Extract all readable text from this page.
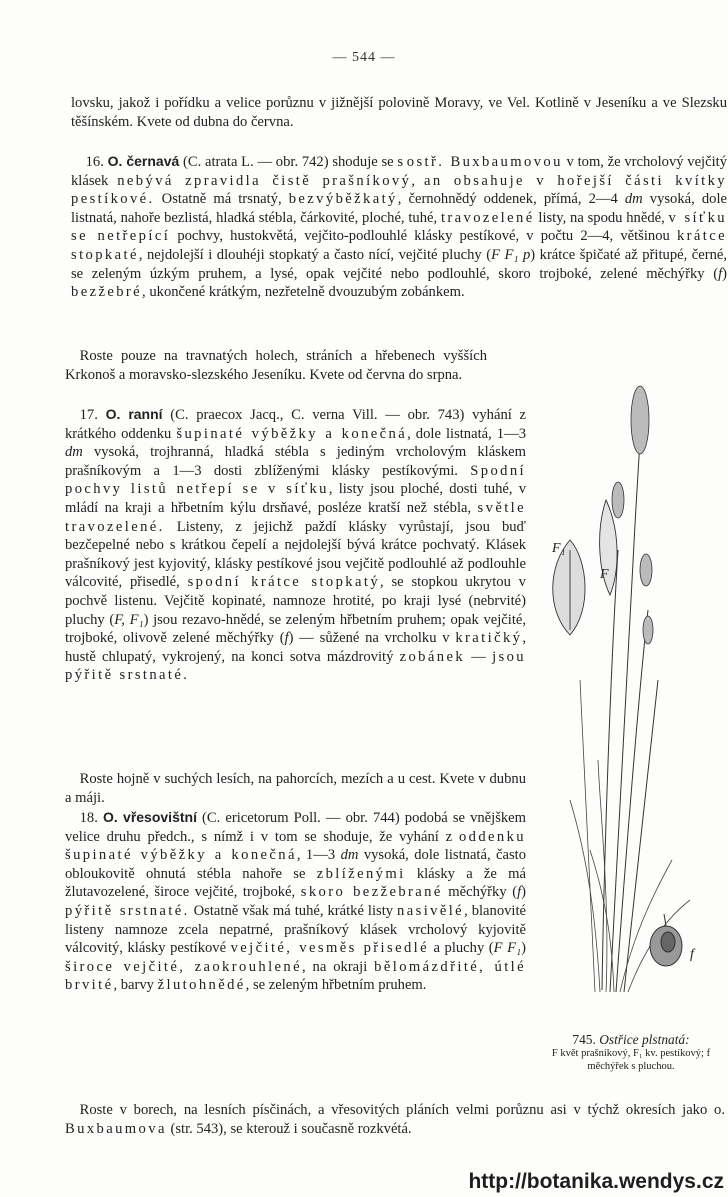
— 544 —

lovsku, jakož i pořídku a velice porůznu v jižnější polovině Moravy, ve Vel. Kotlině v Jeseníku a ve Slezsku těšínském. Kvete od dubna do června.

 16. O. černavá (C. atrata L. — obr. 742) shoduje se s ostř. Buxbaumovou v tom, že vrcholový vejčitý klásek nebývá zpravidla čistě prašníkový, an obsahuje v hořejší části kvítky pestíkové. Ostatně má trsnatý, bezvýběžkatý, černohnědý oddenek, přímá, 2—4 dm vysoká, dole listnatá, nahoře bezlistá, hladká stébla, čárkovité, ploché, tuhé, travozelené listy, na spodu hnědé, v síťku se netřepící pochvy, hustokvětá, vejčito-podlouhlé klásky pestíkové, v počtu 2—4, většinou krátce stopkaté, nejdolejší i dlouhéji stopkatý a často nící, vejčité pluchy (F F₁ p) krátce špičaté až přitupé, černé, se zeleným úzkým pruhem, a lysé, opak vejčité nebo podlouhlé, skoro trojboké, zelené měchýřky (f) bezžebré, ukončené krátkým, nezřetelně dvouzubým zobánkem.

 Roste pouze na travnatých holech, stráních a hřebenech vyšších Krkonoš a moravsko-slezského Jeseníku. Kvete od června do srpna.

 17. O. ranní (C. praecox Jacq., C. verna Vill. — obr. 743) vyhání z krátkého oddenku šupinaté výběžky a konečná, dole listnatá, 1—3 dm vysoká, trojhranná, hladká stébla s jediným vrcholovým kláskem prašníkovým a 1—3 dosti zblíženými klásky pestíkovými. Spodní pochvy listů netřepí se v síťku, listy jsou ploché, dosti tuhé, v mládí na kraji a hřbetním kýlu drsňavé, posléze kratší než stébla, světle travozelené. Listeny, z jejichž paždí klásky vyrůstají, jsou buď bezčepelné nebo s krátkou čepelí a nejdolejší bývá krátce pochvatý. Klásek prašníkový jest kyjovitý, klásky pestíkové jsou vejčitě podlouhlé až podlouhle válcovité, přisedlé, spodní krátce stopkatý, se stopkou ukrytou v pochvě listenu. Vejčitě kopinaté, namnoze hrotité, po kraji lysé (nebrvité) pluchy (F, F₁) jsou rezavo-hnědé, se zeleným hřbetním pruhem; opak vejčité, trojboké, olivově zelené měchýřky (f) — sůžené na vrcholku v kratičký, hustě chlupatý, vykrojený, na konci sotva mázdrovitý zobánek — jsou pýřitě srstnaté.

 Roste hojně v suchých lesích, na pahorcích, mezích a u cest. Kvete v dubnu a máji.

 18. O. vřesovištní (C. ericetorum Poll. — obr. 744) podobá se vnějškem velice druhu předch., s nímž i v tom se shoduje, že vyhání z oddenku šupinaté výběžky a konečná, 1—3 dm vysoká, dole listnatá, často obloukovitě ohnutá stébla nahoře se zblíženými klásky a že má žlutavozelené, široce vejčité, trojboké, skoro bezžebrané měchýřky (f) pýřitě srstnaté. Ostatně však má tuhé, krátké listy nasivělé, blanovité listeny namnoze zcela nepatrné, prašníkový klásek vrcholový kyjovitě válcovitý, klásky pestíkové vejčité, vesměs přisedlé a pluchy (F F₁) široce vejčité, zaokrouhlené, na okraji bělomázdřité, útlé brvité, barvy žlutohnědé, se zeleným hřbetním pruhem.

 Roste v borech, na lesních písčinách, a vřesovitých pláních velmi porůznu asi v týchž okresích jako o. Buxbaumova (str. 543), se kterouž i současně rozkvétá.

F₁
F
f
745. Ostřice plstnatá:
F květ prašníkový, F₁ kv. pestíkový; f měchýřek s pluchou.
http://botanika.wendys.cz
